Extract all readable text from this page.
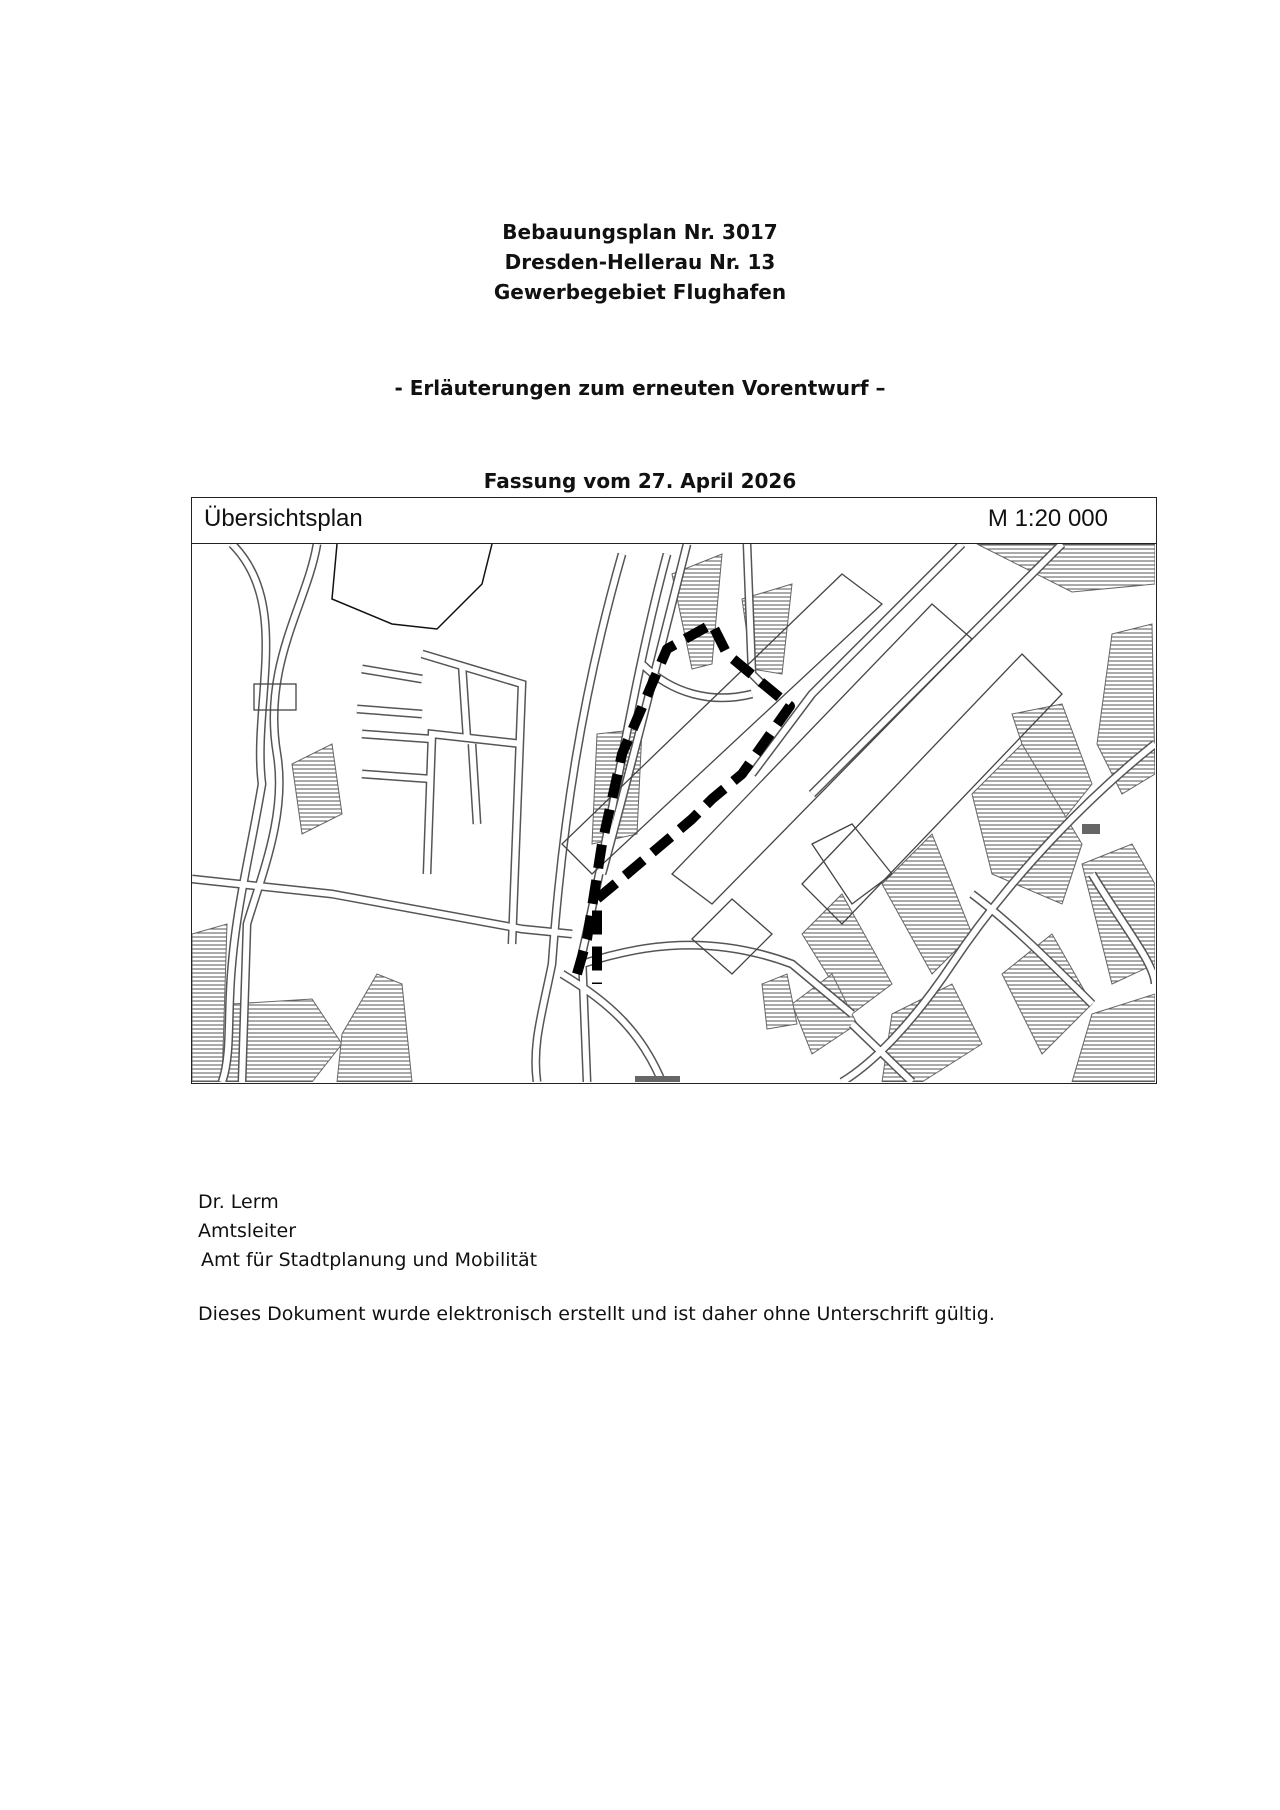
Bebauungsplan Nr. 3017
Dresden-Hellerau Nr. 13
Gewerbegebiet Flughafen
- Erläuterungen zum erneuten Vorentwurf –
Fassung vom 27. April 2026
Übersichtsplan	M 1:20 000
Dr. Lerm
Amtsleiter
Amt für Stadtplanung und Mobilität
Dieses Dokument wurde elektronisch erstellt und ist daher ohne Unterschrift gültig.
